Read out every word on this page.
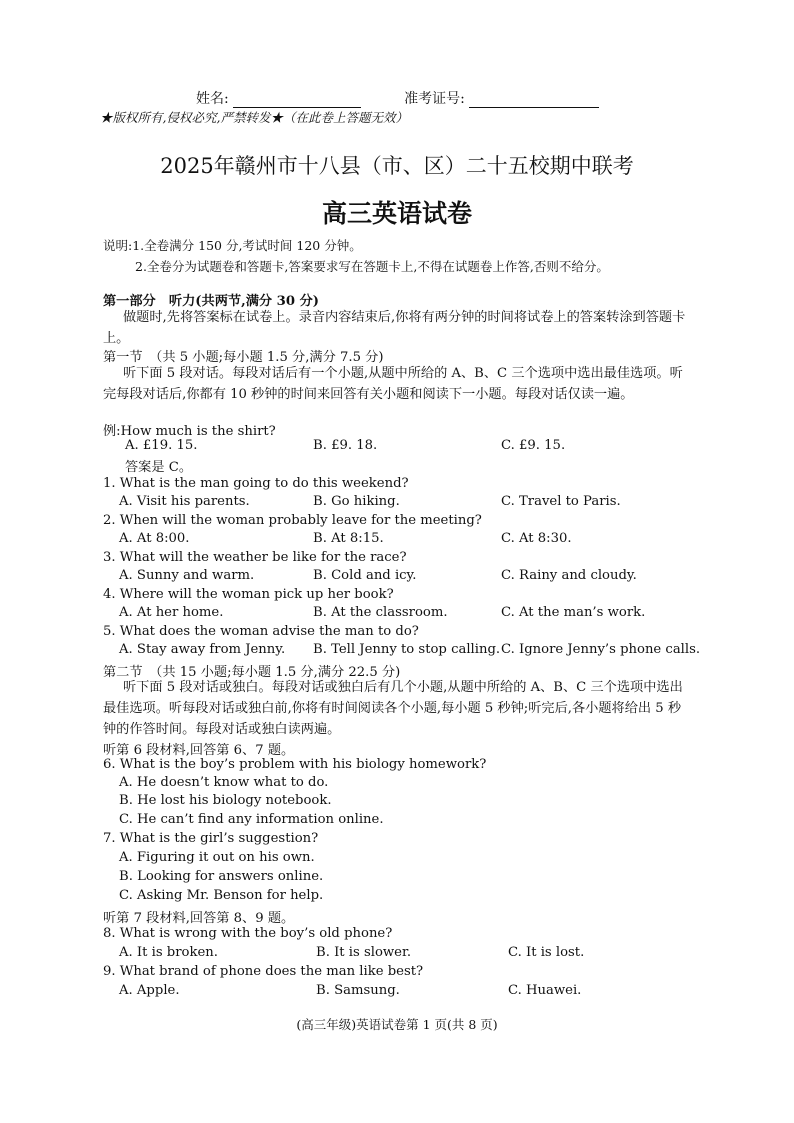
姓名:	准考证号:
★版权所有,侵权必究,严禁转发★（在此卷上答题无效）
2025年赣州市十八县（市、区）二十五校期中联考
高三英语试卷
说明:1.全卷满分 150 分,考试时间 120 分钟。
2.全卷分为试题卷和答题卡,答案要求写在答题卡上,不得在试题卷上作答,否则不给分。
第一部分　听力(共两节,满分 30 分)
做题时,先将答案标在试卷上。录音内容结束后,你将有两分钟的时间将试卷上的答案转涂到答题卡上。
第一节　（共 5 小题;每小题 1.5 分,满分 7.5 分)
听下面 5 段对话。每段对话后有一个小题,从题中所给的 A、B、C 三个选项中选出最佳选项。听完每段对话后,你都有 10 秒钟的时间来回答有关小题和阅读下一小题。每段对话仅读一遍。
例:How much is the shirt?
A. £19. 15.	B. £9. 18.	C. £9. 15.
答案是 C。
1. What is the man going to do this weekend?
A. Visit his parents.	B. Go hiking.	C. Travel to Paris.
2. When will the woman probably leave for the meeting?
A. At 8:00.	B. At 8:15.	C. At 8:30.
3. What will the weather be like for the race?
A. Sunny and warm.	B. Cold and icy.	C. Rainy and cloudy.
4. Where will the woman pick up her book?
A. At her home.	B. At the classroom.	C. At the man’s work.
5. What does the woman advise the man to do?
A. Stay away from Jenny. B. Tell Jenny to stop calling. C. Ignore Jenny’s phone calls.
第二节　（共 15 小题;每小题 1.5 分,满分 22.5 分)
听下面 5 段对话或独白。每段对话或独白后有几个小题,从题中所给的 A、B、C 三个选项中选出最佳选项。听每段对话或独白前,你将有时间阅读各个小题,每小题 5 秒钟;听完后,各小题将给出 5 秒钟的作答时间。每段对话或独白读两遍。
听第 6 段材料,回答第 6、7 题。
6. What is the boy’s problem with his biology homework?
A. He doesn’t know what to do.
B. He lost his biology notebook.
C. He can’t find any information online.
7. What is the girl’s suggestion?
A. Figuring it out on his own.
B. Looking for answers online.
C. Asking Mr. Benson for help.
听第 7 段材料,回答第 8、9 题。
8. What is wrong with the boy’s old phone?
A. It is broken.	B. It is slower.	C. It is lost.
9. What brand of phone does the man like best?
A. Apple.	B. Samsung.	C. Huawei.
(高三年级)英语试卷第 1 页(共 8 页)
